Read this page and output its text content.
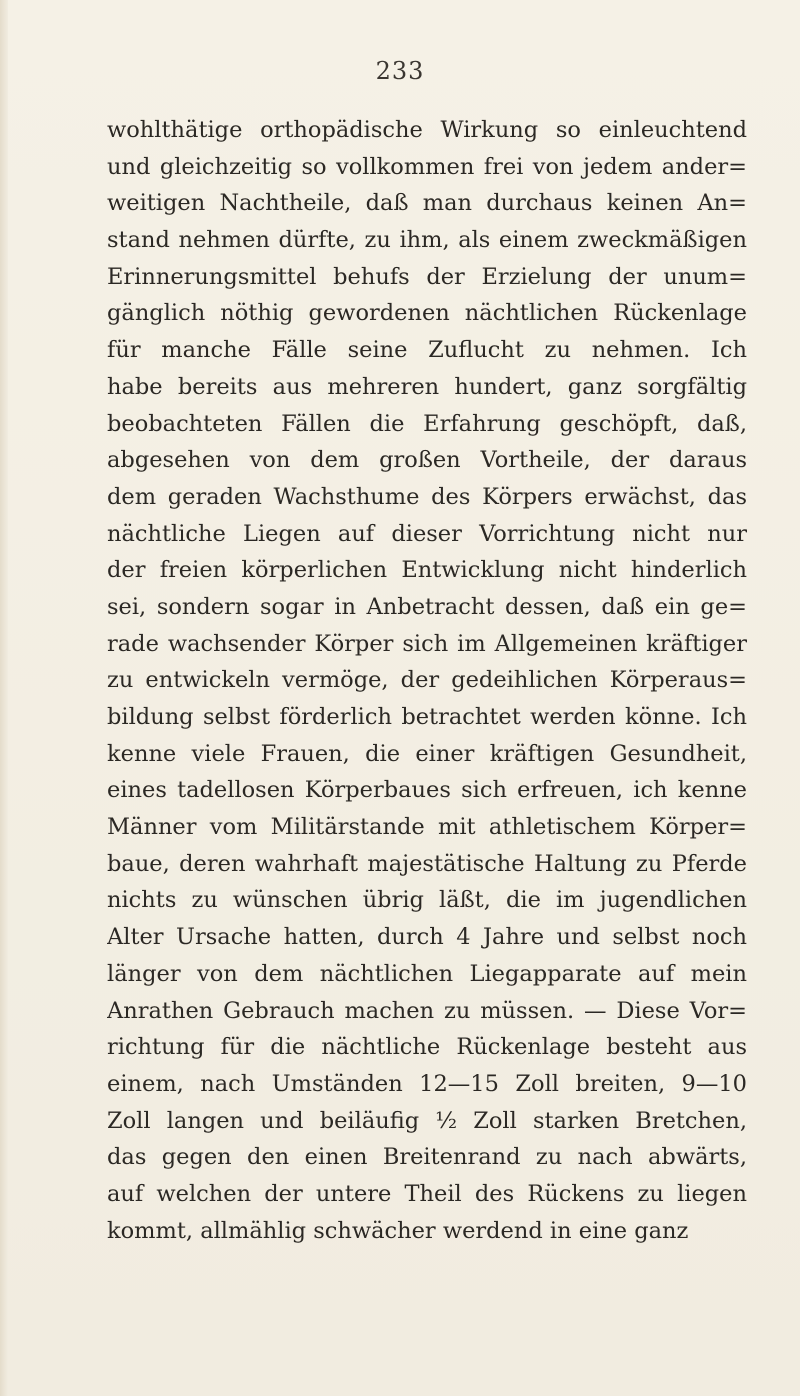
233
wohlthätige orthopädische Wirkung so einleuchtend
und gleichzeitig so vollkommen frei von jedem ander=
weitigen Nachtheile, daß man durchaus keinen An=
stand nehmen dürfte, zu ihm, als einem zweckmäßigen
Erinnerungsmittel behufs der Erzielung der unum=
gänglich nöthig gewordenen nächtlichen Rückenlage
für manche Fälle seine Zuflucht zu nehmen. Ich
habe bereits aus mehreren hundert, ganz sorgfältig
beobachteten Fällen die Erfahrung geschöpft, daß,
abgesehen von dem großen Vortheile, der daraus
dem geraden Wachsthume des Körpers erwächst, das
nächtliche Liegen auf dieser Vorrichtung nicht nur
der freien körperlichen Entwicklung nicht hinderlich
sei, sondern sogar in Anbetracht dessen, daß ein ge=
rade wachsender Körper sich im Allgemeinen kräftiger
zu entwickeln vermöge, der gedeihlichen Körperaus=
bildung selbst förderlich betrachtet werden könne. Ich
kenne viele Frauen, die einer kräftigen Gesundheit,
eines tadellosen Körperbaues sich erfreuen, ich kenne
Männer vom Militärstande mit athletischem Körper=
baue, deren wahrhaft majestätische Haltung zu Pferde
nichts zu wünschen übrig läßt, die im jugendlichen
Alter Ursache hatten, durch 4 Jahre und selbst noch
länger von dem nächtlichen Liegapparate auf mein
Anrathen Gebrauch machen zu müssen. — Diese Vor=
richtung für die nächtliche Rückenlage besteht aus
einem, nach Umständen 12—15 Zoll breiten, 9—10
Zoll langen und beiläufig ½ Zoll starken Bretchen,
das gegen den einen Breitenrand zu nach abwärts,
auf welchen der untere Theil des Rückens zu liegen
kommt, allmählig schwächer werdend in eine ganz
